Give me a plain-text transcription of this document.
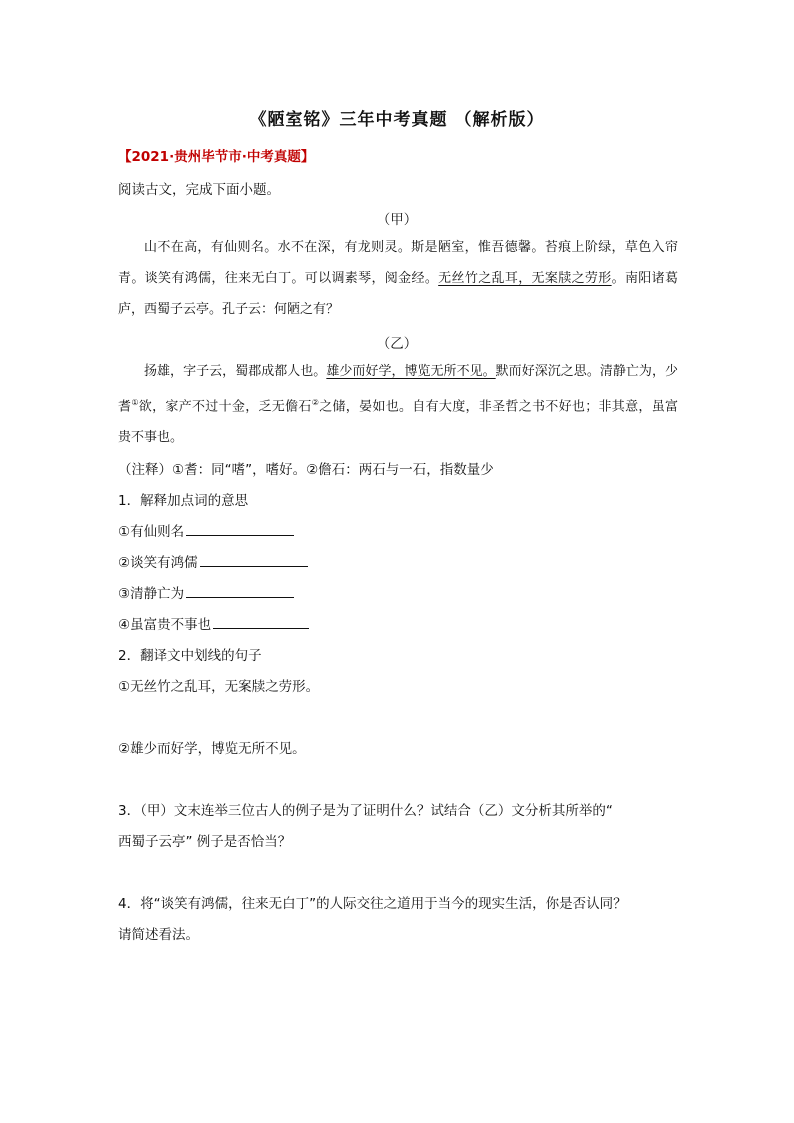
《陋室铭》三年中考真题 （解析版）
【2021·贵州毕节市·中考真题】
阅读古文，完成下面小题。
（甲）

山不在高，有仙则名。水不在深，有龙则灵。斯是陋室，惟吾德馨。苔痕上阶绿，草色入帘青。谈笑有鸿儒，往来无白丁。可以调素琴，阅金经。无丝竹之乱耳，无案牍之劳形。南阳诸葛庐，西蜀子云亭。孔子云：何陋之有？

（乙）

扬雄，字子云，蜀郡成都人也。雄少而好学，博览无所不见。默而好深沉之思。清静亡为，少耆①欲，家产不过十金，乏无儋石②之储，晏如也。自有大度，非圣哲之书不好也；非其意，虽富贵不事也。

（注释）①耆：同“嗜”，嗜好。②儋石：两石与一石，指数量少
1．解释加点词的意思
①有仙则名
②谈笑有鸿儒
③清静亡为
④虽富贵不事也
2．翻译文中划线的句子
①无丝竹之乱耳，无案牍之劳形。
②雄少而好学，博览无所不见。
3．（甲）文末连举三位古人的例子是为了证明什么？试结合（乙）文分析其所举的“
西蜀子云亭” 例子是否恰当？
4．将“谈笑有鸿儒，往来无白丁”的人际交往之道用于当今的现实生活，你是否认同？
请简述看法。
